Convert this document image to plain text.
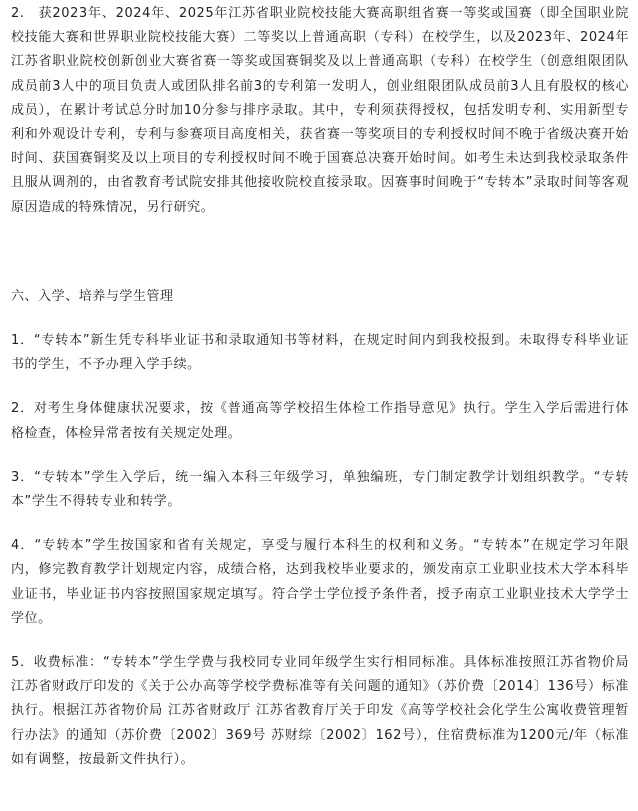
2.　获2023年、2024年、2025年江苏省职业院校技能大赛高职组省赛一等奖或国赛（即全国职业院校技能大赛和世界职业院校技能大赛）二等奖以上普通高职（专科）在校学生，以及2023年、2024年江苏省职业院校创新创业大赛省赛一等奖或国赛铜奖及以上普通高职（专科）在校学生（创意组限团队成员前3人中的项目负责人或团队排名前3的专利第一发明人，创业组限团队成员前3人且有股权的核心成员），在累计考试总分时加10分参与排序录取。其中，专利须获得授权，包括发明专利、实用新型专利和外观设计专利，专利与参赛项目高度相关，获省赛一等奖项目的专利授权时间不晚于省级决赛开始时间、获国赛铜奖及以上项目的专利授权时间不晚于国赛总决赛开始时间。如考生未达到我校录取条件且服从调剂的，由省教育考试院安排其他接收院校直接录取。因赛事时间晚于“专转本”录取时间等客观原因造成的特殊情况，另行研究。

六、入学、培养与学生管理

1．“专转本”新生凭专科毕业证书和录取通知书等材料，在规定时间内到我校报到。未取得专科毕业证书的学生，不予办理入学手续。

2．对考生身体健康状况要求，按《普通高等学校招生体检工作指导意见》执行。学生入学后需进行体格检查，体检异常者按有关规定处理。

3．“专转本”学生入学后，统一编入本科三年级学习，单独编班，专门制定教学计划组织教学。“专转本”学生不得转专业和转学。

4．“专转本”学生按国家和省有关规定，享受与履行本科生的权利和义务。“专转本”在规定学习年限内，修完教育教学计划规定内容，成绩合格，达到我校毕业要求的，颁发南京工业职业技术大学本科毕业证书，毕业证书内容按照国家规定填写。符合学士学位授予条件者，授予南京工业职业技术大学学士学位。

5．收费标准：“专转本”学生学费与我校同专业同年级学生实行相同标准。具体标准按照江苏省物价局 江苏省财政厅印发的《关于公办高等学校学费标准等有关问题的通知》（苏价费〔2014〕136号）标准执行。根据江苏省物价局 江苏省财政厅 江苏省教育厅关于印发《高等学校社会化学生公寓收费管理暂行办法》的通知（苏价费〔2002〕369号 苏财综〔2002〕162号），住宿费标准为1200元/年（标准如有调整，按最新文件执行）。
